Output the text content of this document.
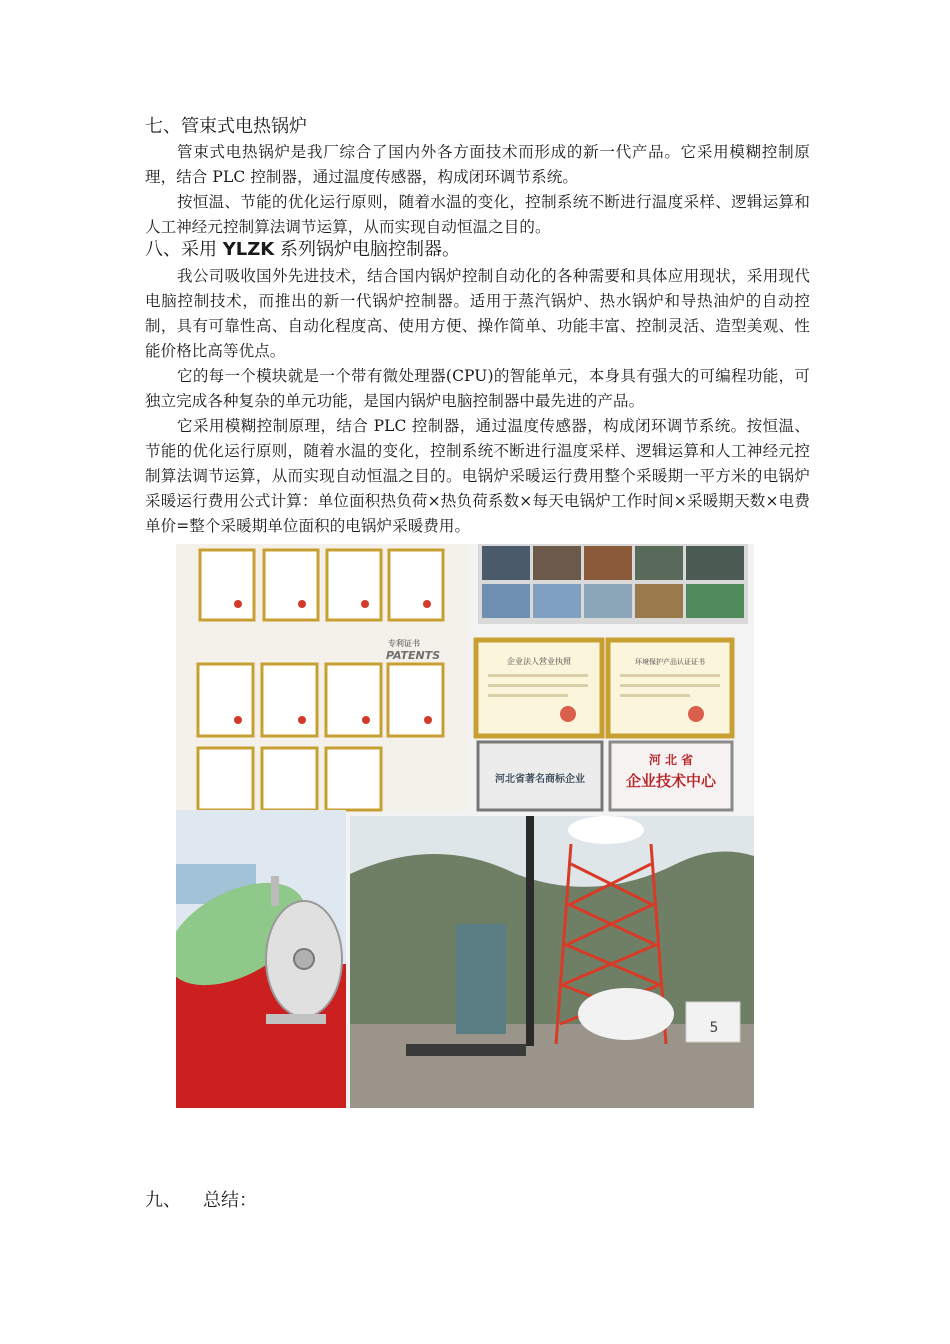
七、管束式电热锅炉

管束式电热锅炉是我厂综合了国内外各方面技术而形成的新一代产品。它采用模糊控制原理，结合 PLC 控制器，通过温度传感器，构成闭环调节系统。

按恒温、节能的优化运行原则，随着水温的变化，控制系统不断进行温度采样、逻辑运算和人工神经元控制算法调节运算，从而实现自动恒温之目的。

八、采用 YLZK 系列锅炉电脑控制器。

我公司吸收国外先进技术，结合国内锅炉控制自动化的各种需要和具体应用现状，采用现代电脑控制技术，而推出的新一代锅炉控制器。适用于蒸汽锅炉、热水锅炉和导热油炉的自动控制，具有可靠性高、自动化程度高、使用方便、操作简单、功能丰富、控制灵活、造型美观、性能价格比高等优点。

它的每一个模块就是一个带有微处理器(CPU)的智能单元，本身具有强大的可编程功能，可独立完成各种复杂的单元功能，是国内锅炉电脑控制器中最先进的产品。

它采用模糊控制原理，结合 PLC 控制器，通过温度传感器，构成闭环调节系统。按恒温、节能的优化运行原则，随着水温的变化，控制系统不断进行温度采样、逻辑运算和人工神经元控制算法调节运算，从而实现自动恒温之目的。电锅炉采暖运行费用整个采暖期一平方米的电锅炉采暖运行费用公式计算：单位面积热负荷×热负荷系数×每天电锅炉工作时间×采暖期天数×电费单价=整个采暖期单位面积的电锅炉采暖费用。

专利证书
PATENTS	企业法人营业执照	环境保护产品认证证书
河北省著名商标企业
河 北 省
企业技术中心
5
九、 总结：
